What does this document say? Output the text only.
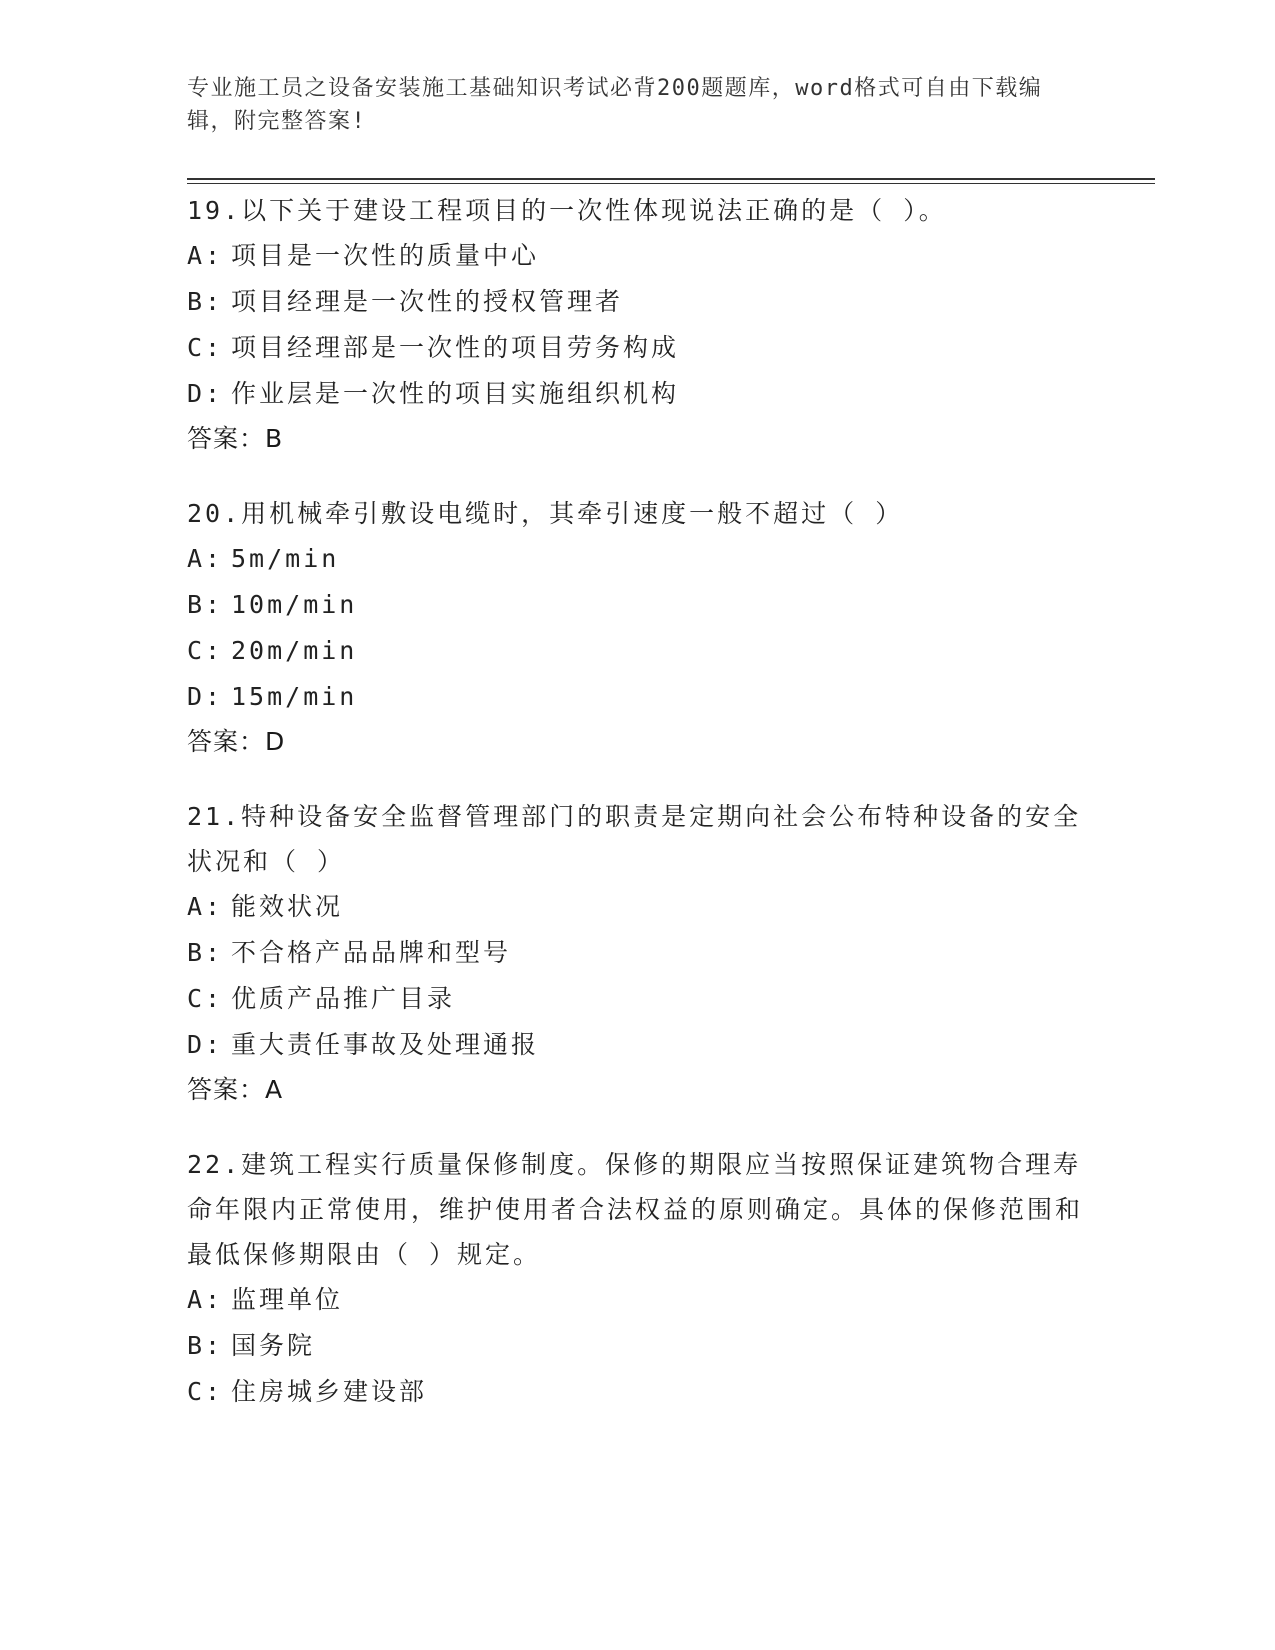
专业施工员之设备安装施工基础知识考试必背200题题库，word格式可自由下载编辑，附完整答案!

19.以下关于建设工程项目的一次性体现说法正确的是（ ）。

A: 项目是一次性的质量中心

B: 项目经理是一次性的授权管理者

C: 项目经理部是一次性的项目劳务构成

D: 作业层是一次性的项目实施组织机构

答案：B

20.用机械牵引敷设电缆时，其牵引速度一般不超过（ ）

A: 5m/min

B: 10m/min

C: 20m/min

D: 15m/min

答案：D

21.特种设备安全监督管理部门的职责是定期向社会公布特种设备的安全状况和（ ）

A: 能效状况

B: 不合格产品品牌和型号

C: 优质产品推广目录

D: 重大责任事故及处理通报

答案：A

22.建筑工程实行质量保修制度。保修的期限应当按照保证建筑物合理寿命年限内正常使用，维护使用者合法权益的原则确定。具体的保修范围和最低保修期限由（ ）规定。

A: 监理单位

B: 国务院

C: 住房城乡建设部
